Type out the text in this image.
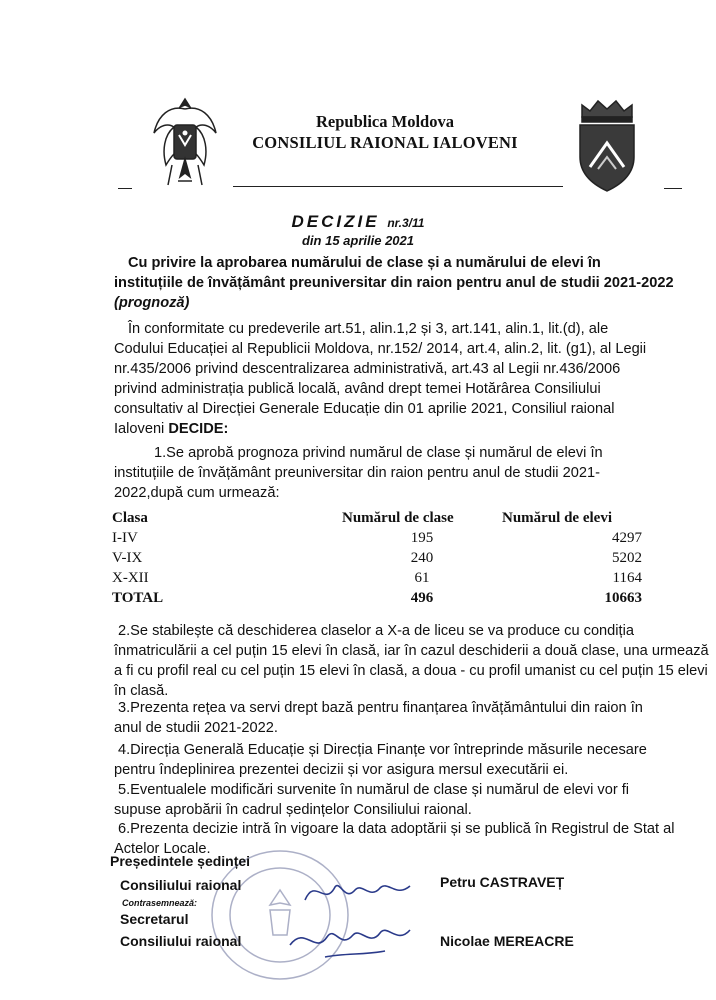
Republica Moldova
CONSILIUL RAIONAL IALOVENI
DECIZIE nr.3/11
din 15 aprilie 2021
Cu privire la aprobarea numărului de clase și a numărului de elevi în
instituțiile de învățământ preuniversitar din raion pentru anul de studii 2021-2022
(prognoză)
În conformitate cu predeverile art.51, alin.1,2 și 3, art.141, alin.1, lit.(d), ale
Codului Educației al Republicii Moldova, nr.152/ 2014, art.4, alin.2, lit. (g1), al Legii
nr.435/2006 privind descentralizarea administrativă, art.43 al Legii nr.436/2006
privind administrația publică locală, având drept temei Hotărârea Consiliului
consultativ al Direcției Generale Educație din 01 aprilie 2021, Consiliul raional
Ialoveni DECIDE:
1.Se aprobă prognoza privind numărul de clase și numărul de elevi în
instituțiile de învățământ preuniversitar din raion pentru anul de studii 2021-
2022,după cum urmează:
Clasa	Numărul de clase	Numărul de elevi
I-IV	195	4297
V-IX	240	5202
X-XII	61	1164
TOTAL	496	10663
2.Se stabilește că deschiderea claselor a X-a de liceu se va produce cu condiția
înmatriculării a cel puțin 15 elevi în clasă, iar în cazul deschiderii a două clase, una urmează
a fi cu profil real cu cel puțin 15 elevi în clasă, a doua - cu profil umanist cu cel puțin 15 elevi
în clasă.
3.Prezenta rețea va servi drept bază pentru finanțarea învățământului din raion în
anul de studii 2021-2022.
4.Direcția Generală Educație și Direcția Finanțe vor întreprinde măsurile necesare
pentru îndeplinirea prezentei decizii și vor asigura mersul executării ei.
5.Eventualele modificări survenite în numărul de clase și numărul de elevi vor fi
supuse aprobării în cadrul ședințelor Consiliului raional.
6.Prezenta decizie intră în vigoare la data adoptării și se publică în Registrul de Stat al
Actelor Locale.
Președintele ședinței
Consiliului raional	Petru CASTRAVEȚ
Contrasemnează:
Secretarul
Consiliului raional	Nicolae MEREACRE
